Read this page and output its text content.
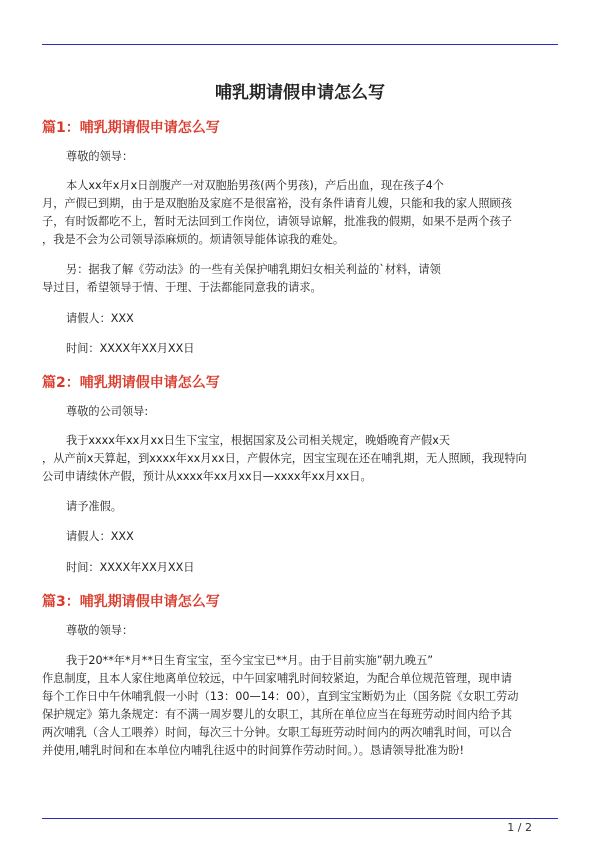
哺乳期请假申请怎么写
篇1：哺乳期请假申请怎么写

尊敬的领导：

本人xx年x月x日剖腹产一对双胞胎男孩(两个男孩)，产后出血，现在孩子4个

月，产假已到期，由于是双胞胎及家庭不是很富裕，没有条件请育儿嫂，只能和我的家人照顾孩

子，有时饭都吃不上，暂时无法回到工作岗位，请领导谅解，批准我的假期，如果不是两个孩子

，我是不会为公司领导添麻烦的。烦请领导能体谅我的难处。

另：据我了解《劳动法》的一些有关保护哺乳期妇女相关利益的`材料，请领

导过目，希望领导于情、于理、于法都能同意我的请求。

请假人：XXX

时间：XXXX年XX月XX日

篇2：哺乳期请假申请怎么写

尊敬的公司领导:

我于xxxx年xx月xx日生下宝宝，根据国家及公司相关规定，晚婚晚育产假x天

，从产前x天算起，到xxxx年xx月xx日，产假休完，因宝宝现在还在哺乳期，无人照顾，我现特向

公司申请续休产假，预计从xxxx年xx月xx日—xxxx年xx月xx日。

请予准假。

请假人：XXX

时间：XXXX年XX月XX日

篇3：哺乳期请假申请怎么写

尊敬的领导：

我于20**年*月**日生育宝宝，至今宝宝已**月。由于目前实施”朝九晚五”

作息制度，且本人家住地离单位较远，中午回家哺乳时间较紧迫，为配合单位规范管理，现申请

每个工作日中午休哺乳假一小时（13：00—14：00），直到宝宝断奶为止（国务院《女职工劳动

保护规定》第九条规定：有不满一周岁婴儿的女职工，其所在单位应当在每班劳动时间内给予其

两次哺乳（含人工喂养）时间，每次三十分钟。女职工每班劳动时间内的两次哺乳时间，可以合

并使用,哺乳时间和在本单位内哺乳往返中的时间算作劳动时间。）。恳请领导批准为盼!

1 / 2
